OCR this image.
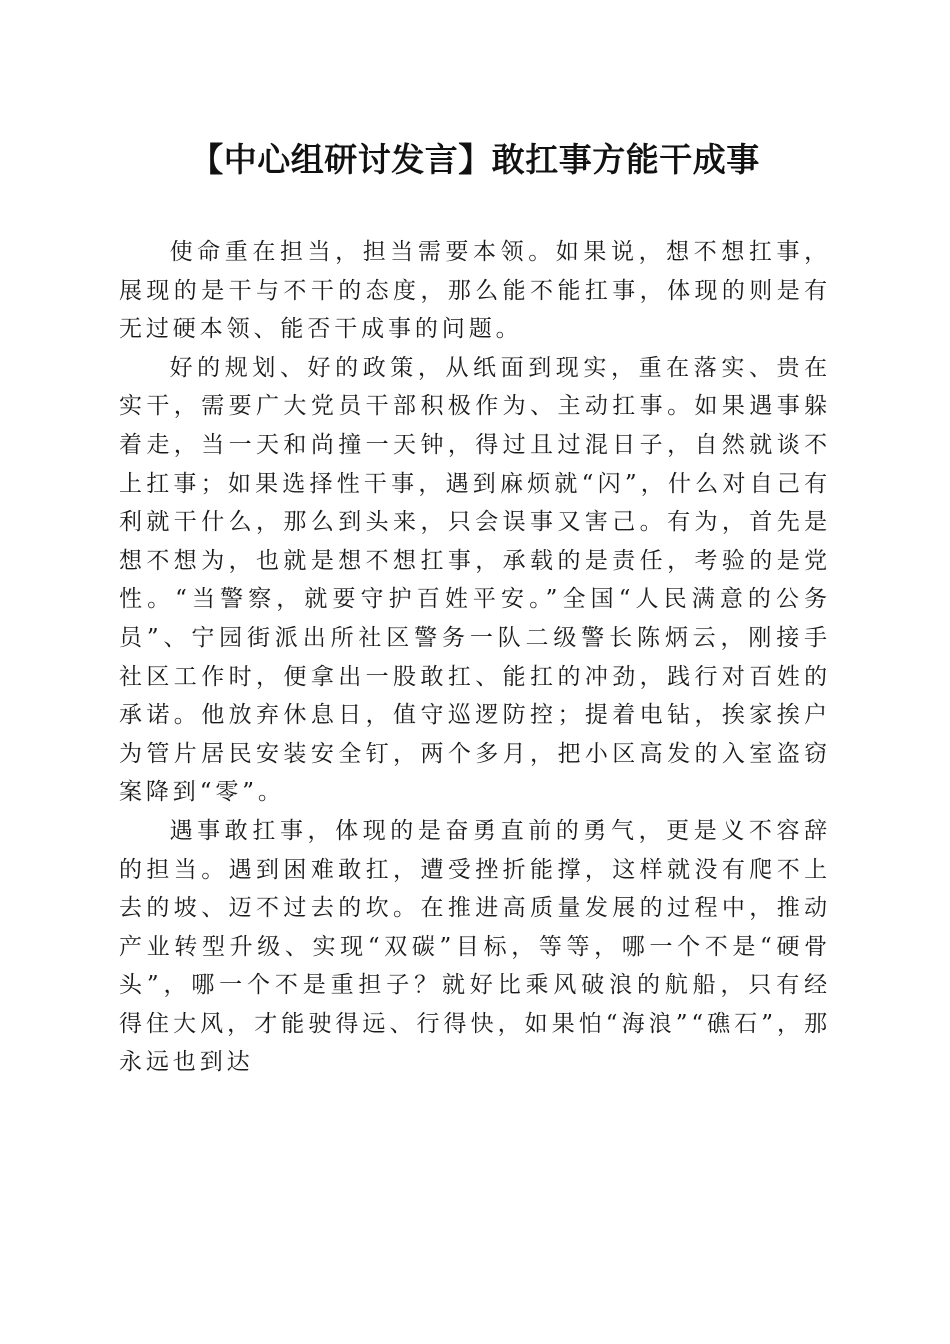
【中心组研讨发言】敢扛事方能干成事

使命重在担当，担当需要本领。如果说，想不想扛事，展现的是干与不干的态度，那么能不能扛事，体现的则是有无过硬本领、能否干成事的问题。

好的规划、好的政策，从纸面到现实，重在落实、贵在实干，需要广大党员干部积极作为、主动扛事。如果遇事躲着走，当一天和尚撞一天钟，得过且过混日子，自然就谈不上扛事；如果选择性干事，遇到麻烦就“闪”，什么对自己有利就干什么，那么到头来，只会误事又害己。有为，首先是想不想为，也就是想不想扛事，承载的是责任，考验的是党性。“当警察，就要守护百姓平安。”全国“人民满意的公务员”、宁园街派出所社区警务一队二级警长陈炳云，刚接手社区工作时，便拿出一股敢扛、能扛的冲劲，践行对百姓的承诺。他放弃休息日，值守巡逻防控；提着电钻，挨家挨户为管片居民安装安全钉，两个多月，把小区高发的入室盗窃案降到“零”。

遇事敢扛事，体现的是奋勇直前的勇气，更是义不容辞的担当。遇到困难敢扛，遭受挫折能撑，这样就没有爬不上去的坡、迈不过去的坎。在推进高质量发展的过程中，推动产业转型升级、实现“双碳”目标，等等，哪一个不是“硬骨头”，哪一个不是重担子？就好比乘风破浪的航船，只有经得住大风，才能驶得远、行得快，如果怕“海浪”“礁石”，那永远也到达
